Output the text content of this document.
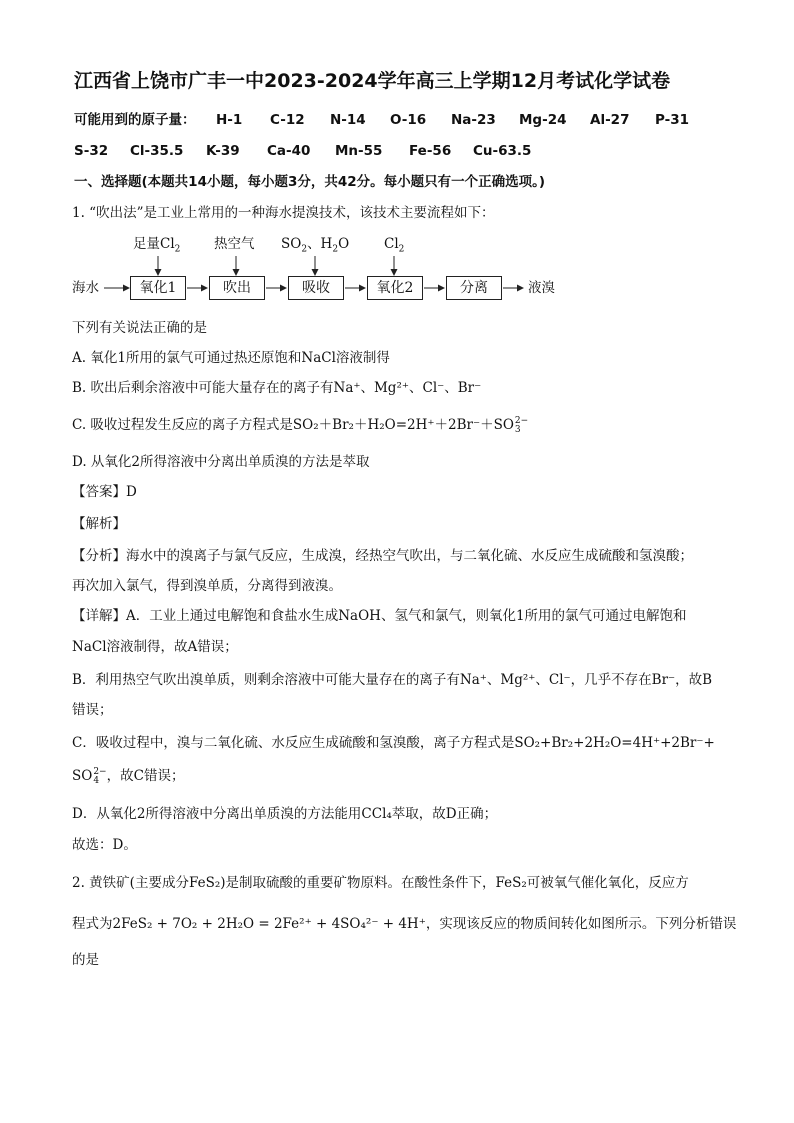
江西省上饶市广丰一中2023-2024学年高三上学期12月考试化学试卷
可能用到的原子量： H-1 C-12 N-14 O-16 Na-23 Mg-24 Al-27 P-31
S-32 Cl-35.5 K-39 Ca-40 Mn-55 Fe-56 Cu-63.5
一、选择题(本题共14小题，每小题3分，共42分。每小题只有一个正确选项。)
1. “吹出法”是工业上常用的一种海水提溴技术，该技术主要流程如下：
海水	液溴
氧化1	吹出	吸收	氧化2	分离
足量$Cl_2$ 热空气 $SO_2$、$H_2O$	$Cl_2$
下列有关说法正确的是
A. 氧化1所用的氯气可通过热还原饱和NaCl溶液制得
B. 吹出后剩余溶液中可能大量存在的离子有Na⁺、Mg²⁺、Cl⁻、Br⁻
C. 吸收过程发生反应的离子方程式是SO₂＋Br₂＋H₂O=2H⁺＋2Br⁻＋SO 2−
3
D. 从氧化2所得溶液中分离出单质溴的方法是萃取
【答案】D
【解析】
【分析】海水中的溴离子与氯气反应，生成溴，经热空气吹出，与二氧化硫、水反应生成硫酸和氢溴酸；
再次加入氯气，得到溴单质，分离得到液溴。
【详解】A．工业上通过电解饱和食盐水生成NaOH、氢气和氯气，则氧化1所用的氯气可通过电解饱和
NaCl溶液制得，故A错误；
B．利用热空气吹出溴单质，则剩余溶液中可能大量存在的离子有Na⁺、Mg²⁺、Cl⁻，几乎不存在Br⁻，故B
错误；
C．吸收过程中，溴与二氧化硫、水反应生成硫酸和氢溴酸，离子方程式是SO₂+Br₂+2H₂O=4H⁺+2Br⁻+
SO 2−
4 ，故C错误；
D．从氧化2所得溶液中分离出单质溴的方法能用CCl₄萃取，故D正确；
故选：D。
2. 黄铁矿(主要成分FeS₂)是制取硫酸的重要矿物原料。在酸性条件下，FeS₂可被氧气催化氧化，反应方
程式为2FeS₂ + 7O₂ + 2H₂O = 2Fe²⁺ + 4SO₄²⁻ + 4H⁺，实现该反应的物质间转化如图所示。下列分析错误
的是
